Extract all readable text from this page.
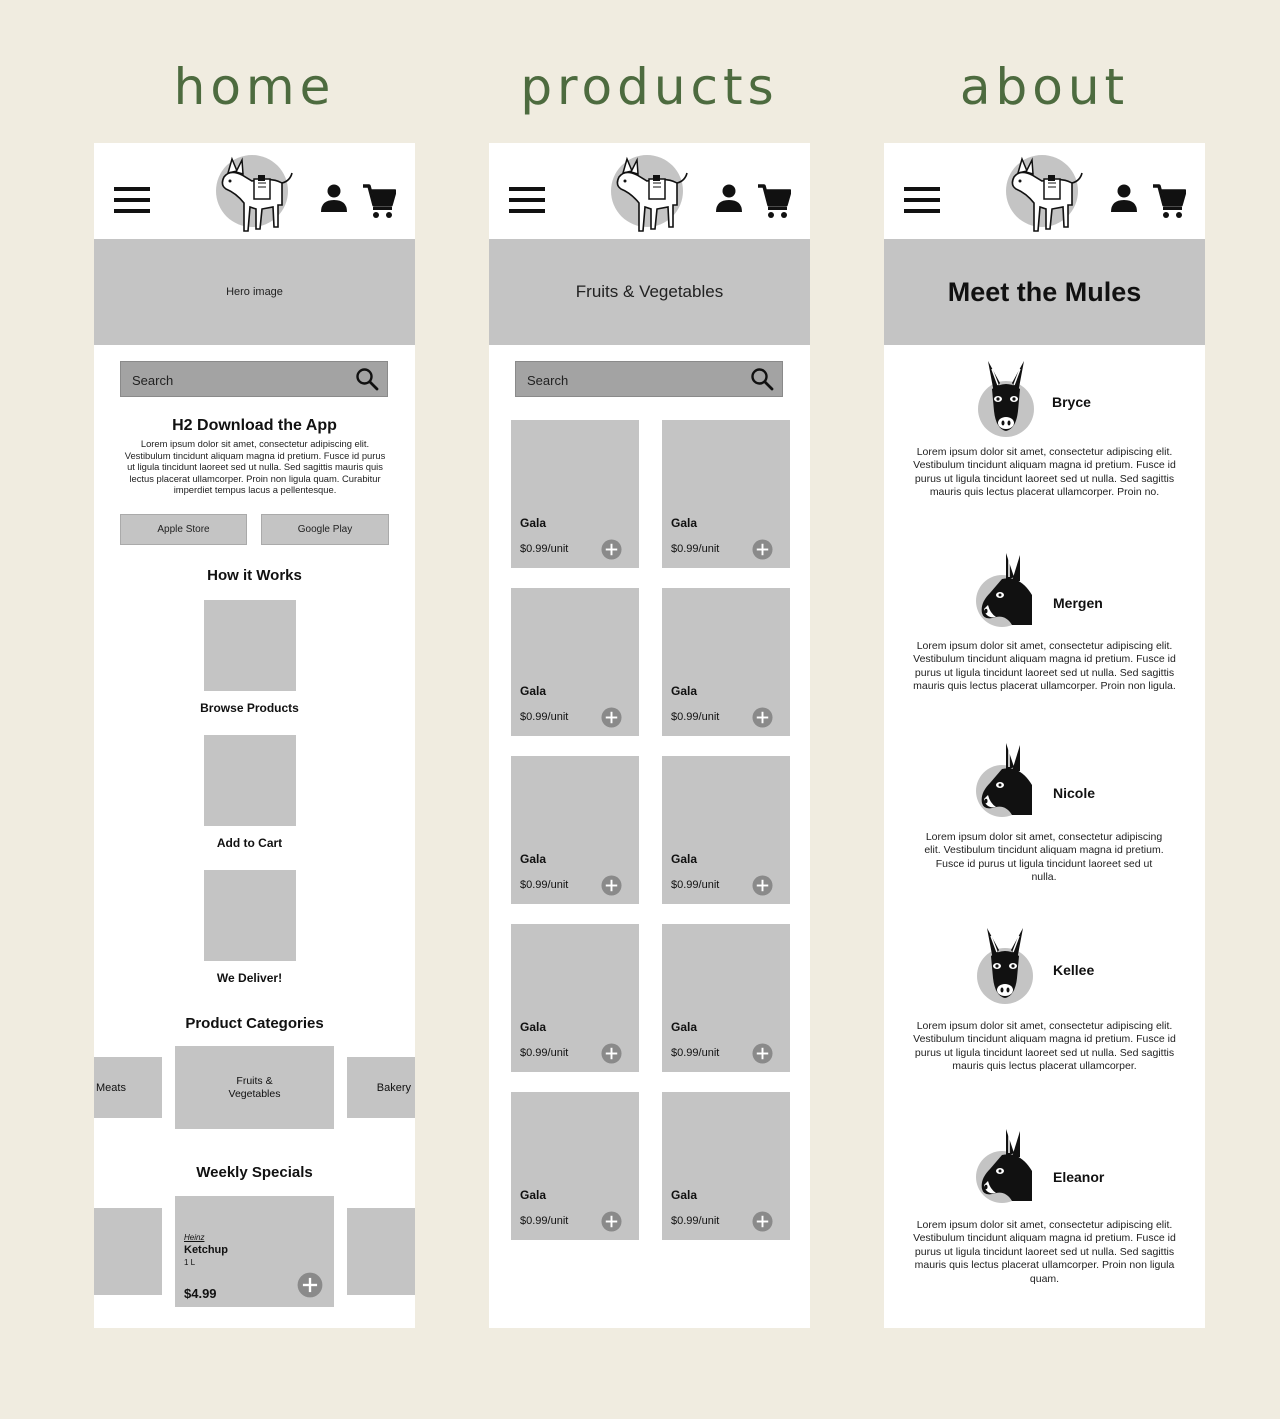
home	products	about
Hero image
Search
H2 Download the App
Lorem ipsum dolor sit amet, consectetur adipiscing elit. Vestibulum tincidunt aliquam magna id pretium. Fusce id purus ut ligula tincidunt laoreet sed ut nulla. Sed sagittis mauris quis lectus placerat ullamcorper. Proin non ligula quam. Curabitur imperdiet tempus lacus a pellentesque.
Apple Store	Google Play
How it Works
Browse Products
Add to Cart
We Deliver!
Product Categories
Meats
Fruits &
Vegetables	Bakery
Weekly Specials
Heinz
Ketchup
1 L
$4.99
Fruits & Vegetables
Search
Gala
$0.99/unit
Gala
$0.99/unit
Gala
$0.99/unit
Gala
$0.99/unit
Gala
$0.99/unit
Gala
$0.99/unit
Gala
$0.99/unit
Gala
$0.99/unit
Gala
$0.99/unit
Gala
$0.99/unit
Meet the Mules
Bryce
Lorem ipsum dolor sit amet, consectetur adipiscing elit. Vestibulum tincidunt aliquam magna id pretium. Fusce id purus ut ligula tincidunt laoreet sed ut nulla. Sed sagittis mauris quis lectus placerat ullamcorper. Proin no.
Mergen
Lorem ipsum dolor sit amet, consectetur adipiscing elit. Vestibulum tincidunt aliquam magna id pretium. Fusce id purus ut ligula tincidunt laoreet sed ut nulla. Sed sagittis mauris quis lectus placerat ullamcorper. Proin non ligula.
Nicole
Lorem ipsum dolor sit amet, consectetur adipiscing elit. Vestibulum tincidunt aliquam magna id pretium. Fusce id purus ut ligula tincidunt laoreet sed ut nulla.
Kellee
Lorem ipsum dolor sit amet, consectetur adipiscing elit. Vestibulum tincidunt aliquam magna id pretium. Fusce id purus ut ligula tincidunt laoreet sed ut nulla. Sed sagittis mauris quis lectus placerat ullamcorper.
Eleanor
Lorem ipsum dolor sit amet, consectetur adipiscing elit. Vestibulum tincidunt aliquam magna id pretium. Fusce id purus ut ligula tincidunt laoreet sed ut nulla. Sed sagittis mauris quis lectus placerat ullamcorper. Proin non ligula quam.
